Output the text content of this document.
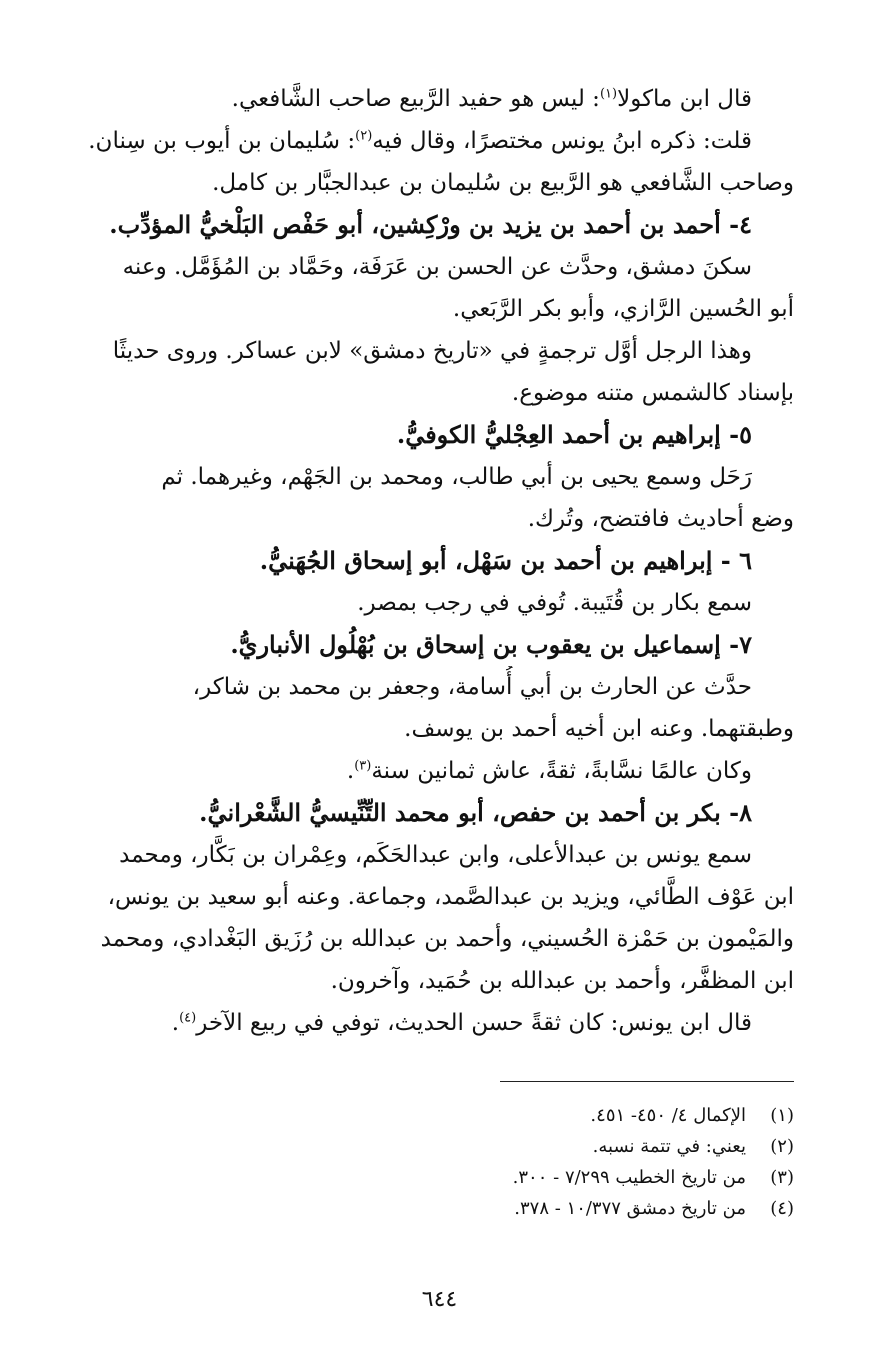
قال ابن ماكولا$^{(١)}$: ليس هو حفيد الرَّبيع صاحب الشَّافعي.
قلت: ذكره ابنُ يونس مختصرًا، وقال فيه$^{(٢)}$: سُليمان بن أيوب بن سِنان.
وصاحب الشَّافعي هو الرَّبيع بن سُليمان بن عبدالجبَّار بن كامل.
٤- أحمد بن أحمد بن يزيد بن ورْكِشين، أبو حَفْص البَلْخيُّ المؤدِّب.
سكنَ دمشق، وحدَّث عن الحسن بن عَرَفَة، وحَمَّاد بن المُؤَمَّل. وعنه
أبو الحُسين الرَّازي، وأبو بكر الرَّبَعي.
وهذا الرجل أوَّل ترجمةٍ في «تاريخ دمشق» لابن عساكر. وروى حديثًا
بإسناد كالشمس متنه موضوع.
٥- إبراهيم بن أحمد العِجْليُّ الكوفيُّ.
رَحَل وسمع يحيى بن أبي طالب، ومحمد بن الجَهْم، وغيرهما. ثم
وضع أحاديث فافتضح، وتُرك.
٦ - إبراهيم بن أحمد بن سَهْل، أبو إسحاق الجُهَنيُّ.
سمع بكار بن قُتَيبة. تُوفي في رجب بمصر.
٧- إسماعيل بن يعقوب بن إسحاق بن بُهْلُول الأنباريُّ.
حدَّث عن الحارث بن أبي أُسامة، وجعفر بن محمد بن شاكر،
وطبقتهما. وعنه ابن أخيه أحمد بن يوسف.
وكان عالمًا نسَّابةً، ثقةً، عاش ثمانين سنة$^{(٣)}$.
٨- بكر بن أحمد بن حفص، أبو محمد التِّنِّيسيُّ الشَّعْرانيُّ.
سمع يونس بن عبدالأعلى، وابن عبدالحَكَم، وعِمْران بن بَكَّار، ومحمد
ابن عَوْف الطَّائي، ويزيد بن عبدالصَّمد، وجماعة. وعنه أبو سعيد بن يونس،
والمَيْمون بن حَمْزة الحُسيني، وأحمد بن عبدالله بن رُزَيق البَغْدادي، ومحمد
ابن المظفَّر، وأحمد بن عبدالله بن حُمَيد، وآخرون.
قال ابن يونس: كان ثقةً حسن الحديث، توفي في ربيع الآخر$^{(٤)}$.
(١)الإكمال ٤/ ٤٥٠- ٤٥١.
(٢)يعني: في تتمة نسبه.
(٣)من تاريخ الخطيب ٧/٢٩٩ - ٣٠٠.
(٤)من تاريخ دمشق ١٠/٣٧٧ - ٣٧٨.
٦٤٤
